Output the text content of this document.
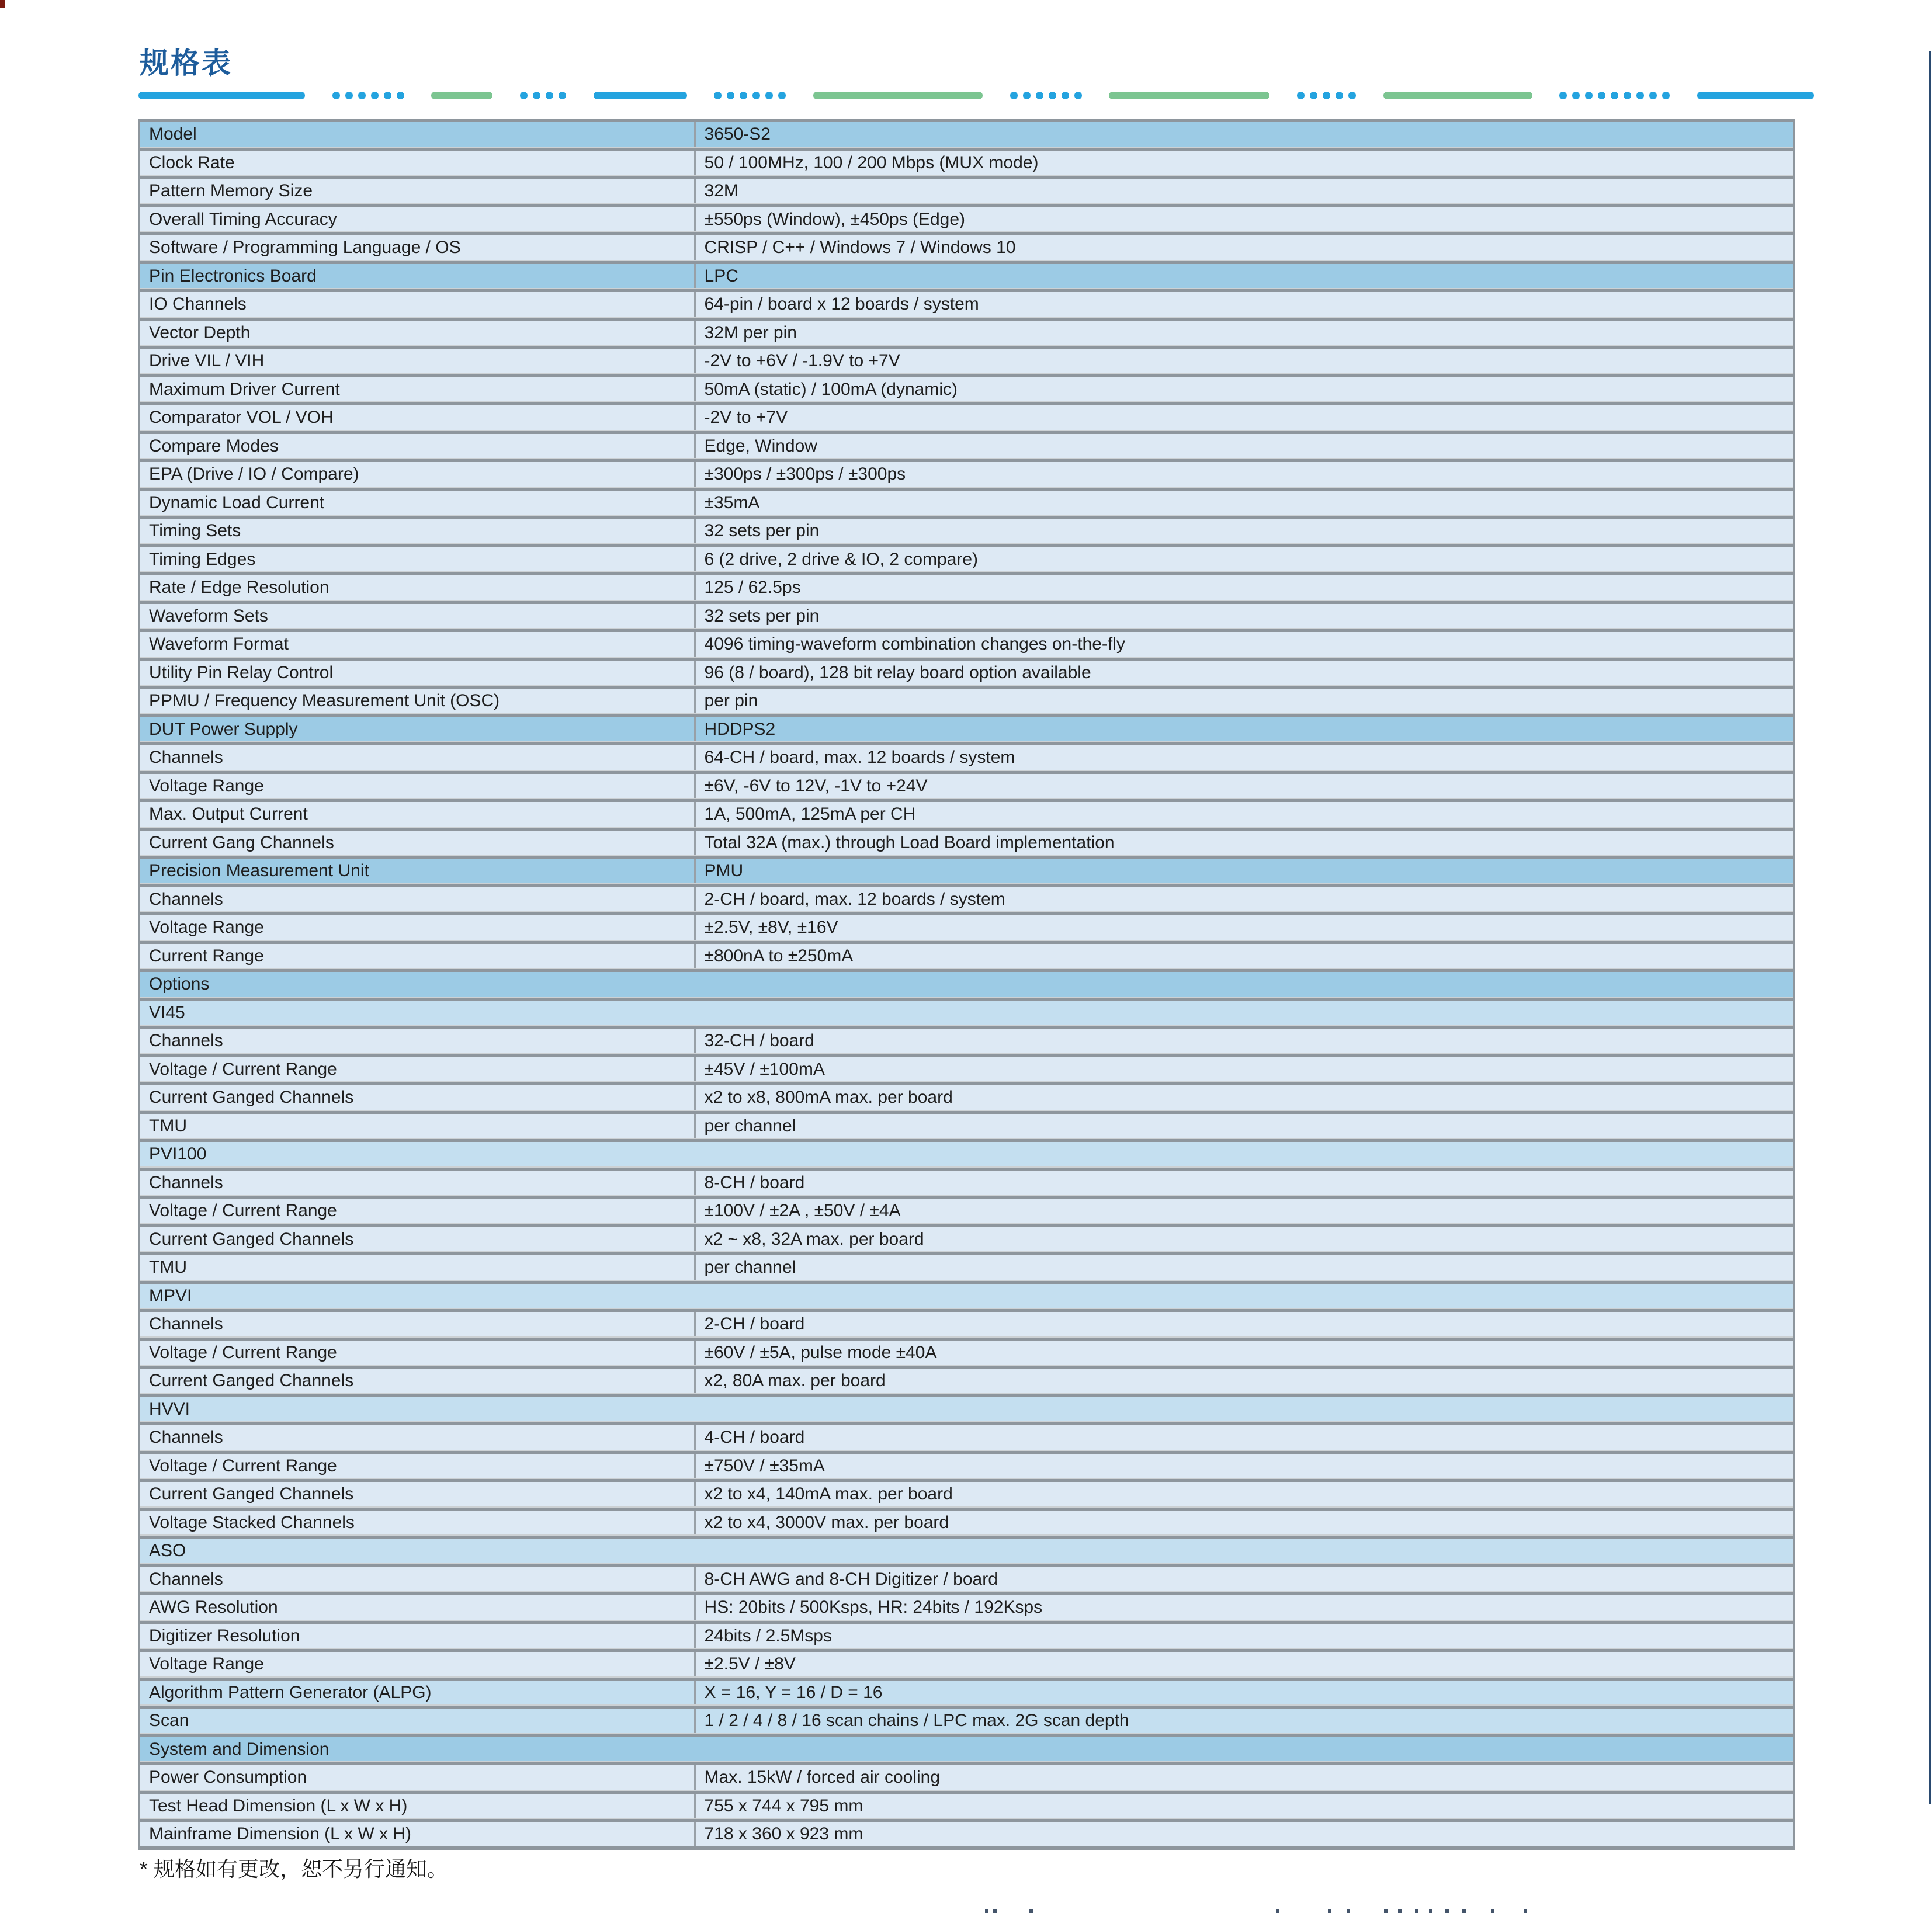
规格表
Model	3650-S2
Clock Rate	50 / 100MHz, 100 / 200 Mbps (MUX mode)
Pattern Memory Size	32M
Overall Timing Accuracy	±550ps (Window), ±450ps (Edge)
Software / Programming Language / OS	CRISP / C++ / Windows 7 / Windows 10
Pin Electronics Board	LPC
IO Channels	64-pin / board x 12 boards / system
Vector Depth	32M per pin
Drive VIL / VIH	-2V to +6V / -1.9V to +7V
Maximum Driver Current	50mA (static) / 100mA (dynamic)
Comparator VOL / VOH	-2V to +7V
Compare Modes	Edge, Window
EPA (Drive / IO / Compare)	±300ps / ±300ps / ±300ps
Dynamic Load Current	±35mA
Timing Sets	32 sets per pin
Timing Edges	6 (2 drive, 2 drive & IO, 2 compare)
Rate / Edge Resolution	125 / 62.5ps
Waveform Sets	32 sets per pin
Waveform Format	4096 timing-waveform combination changes on-the-fly
Utility Pin Relay Control	96 (8 / board), 128 bit relay board option available
PPMU / Frequency Measurement Unit (OSC)	per pin
DUT Power Supply	HDDPS2
Channels	64-CH / board, max. 12 boards / system
Voltage Range	±6V, -6V to 12V, -1V to +24V
Max. Output Current	1A, 500mA, 125mA per CH
Current Gang Channels	Total 32A (max.) through Load Board implementation
Precision Measurement Unit	PMU
Channels	2-CH / board, max. 12 boards / system
Voltage Range	±2.5V, ±8V, ±16V
Current Range	±800nA to ±250mA
Options
VI45
Channels	32-CH / board
Voltage / Current Range	±45V / ±100mA
Current Ganged Channels	x2 to x8, 800mA max. per board
TMU	per channel
PVI100
Channels	8-CH / board
Voltage / Current Range	±100V / ±2A , ±50V / ±4A
Current Ganged Channels	x2 ~ x8, 32A max. per board
TMU	per channel
MPVI
Channels	2-CH / board
Voltage / Current Range	±60V / ±5A, pulse mode ±40A
Current Ganged Channels	x2, 80A max. per board
HVVI
Channels	4-CH / board
Voltage / Current Range	±750V / ±35mA
Current Ganged Channels	x2 to x4, 140mA max. per board
Voltage Stacked Channels	x2 to x4, 3000V max. per board
ASO
Channels	8-CH AWG and 8-CH Digitizer / board
AWG Resolution	HS: 20bits / 500Ksps, HR: 24bits / 192Ksps
Digitizer Resolution	24bits / 2.5Msps
Voltage Range	±2.5V / ±8V
Algorithm Pattern Generator (ALPG)	X = 16, Y = 16 / D = 16
Scan	1 / 2 / 4 / 8 / 16 scan chains / LPC max. 2G scan depth
System and Dimension
Power Consumption	Max. 15kW / forced air cooling
Test Head Dimension (L x W x H)	755 x 744 x 795 mm
Mainframe Dimension (L x W x H)	718 x 360 x 923 mm

* 规格如有更改，恕不另行通知。
